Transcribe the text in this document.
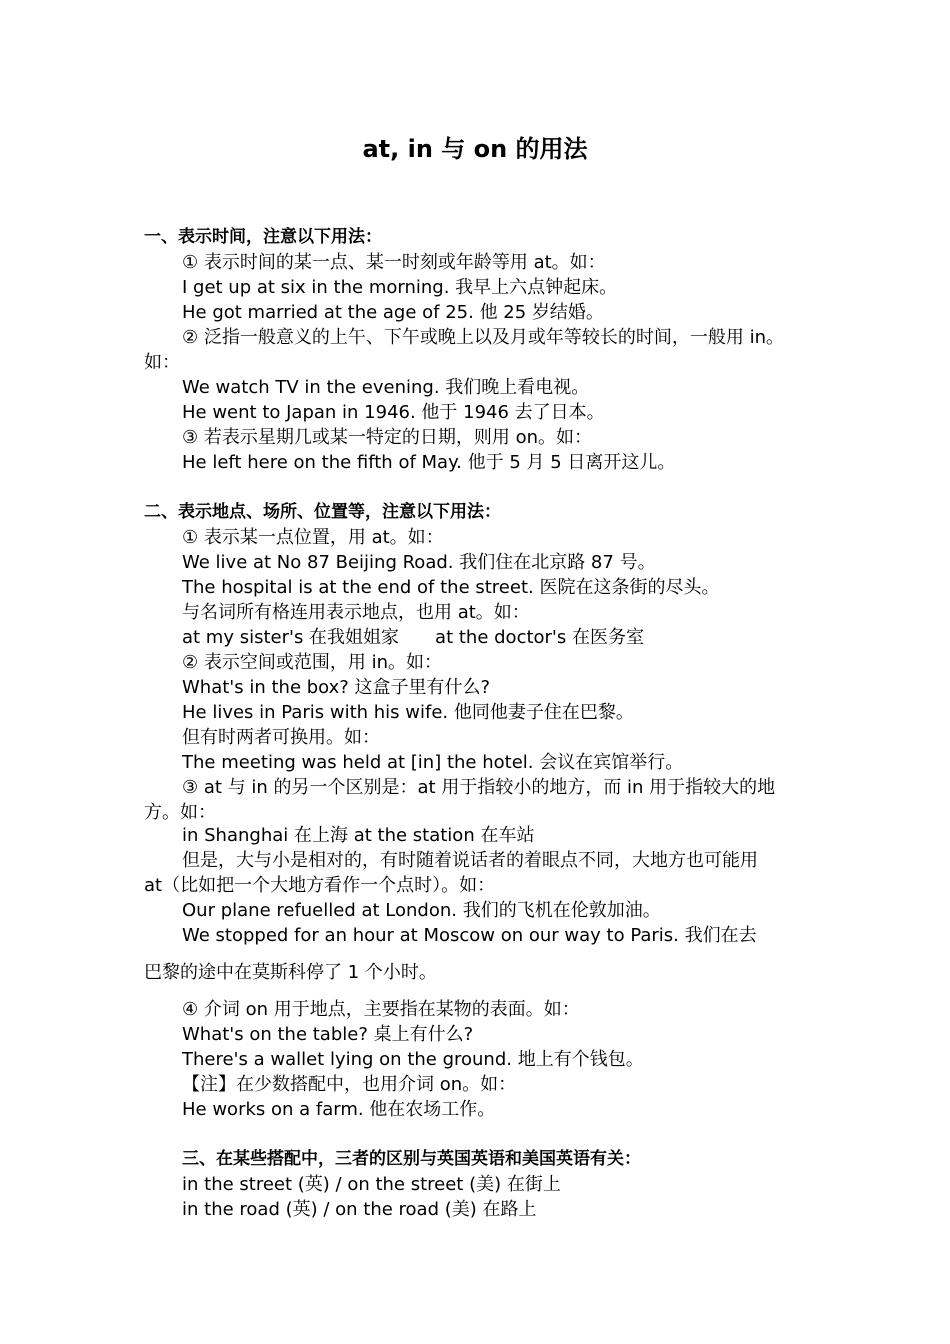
at, in 与 on 的用法
一、表示时间，注意以下用法：
① 表示时间的某一点、某一时刻或年龄等用 at。如：
I get up at six in the morning. 我早上六点钟起床。
He got married at the age of 25. 他 25 岁结婚。
② 泛指一般意义的上午、下午或晚上以及月或年等较长的时间，一般用 in。
如：
We watch TV in the evening. 我们晚上看电视。
He went to Japan in 1946. 他于 1946 去了日本。
③ 若表示星期几或某一特定的日期，则用 on。如：
He left here on the fifth of May. 他于 5 月 5 日离开这儿。
二、表示地点、场所、位置等，注意以下用法：
① 表示某一点位置，用 at。如：
We live at No 87 Beijing Road. 我们住在北京路 87 号。
The hospital is at the end of the street. 医院在这条街的尽头。
与名词所有格连用表示地点，也用 at。如：
at my sister's 在我姐姐家　　at the doctor's 在医务室
② 表示空间或范围，用 in。如：
What's in the box? 这盒子里有什么?
He lives in Paris with his wife. 他同他妻子住在巴黎。
但有时两者可换用。如：
The meeting was held at [in] the hotel. 会议在宾馆举行。
③ at 与 in 的另一个区别是：at 用于指较小的地方，而 in 用于指较大的地
方。如：
in Shanghai 在上海 at the station 在车站
但是，大与小是相对的，有时随着说话者的着眼点不同，大地方也可能用
at（比如把一个大地方看作一个点时）。如：
Our plane refuelled at London. 我们的飞机在伦敦加油。
We stopped for an hour at Moscow on our way to Paris. 我们在去
巴黎的途中在莫斯科停了 1 个小时。
④ 介词 on 用于地点，主要指在某物的表面。如：
What's on the table? 桌上有什么?
There's a wallet lying on the ground. 地上有个钱包。
【注】在少数搭配中，也用介词 on。如：
He works on a farm. 他在农场工作。
三、在某些搭配中，三者的区别与英国英语和美国英语有关：
in the street (英) / on the street (美) 在街上
in the road (英) / on the road (美) 在路上
